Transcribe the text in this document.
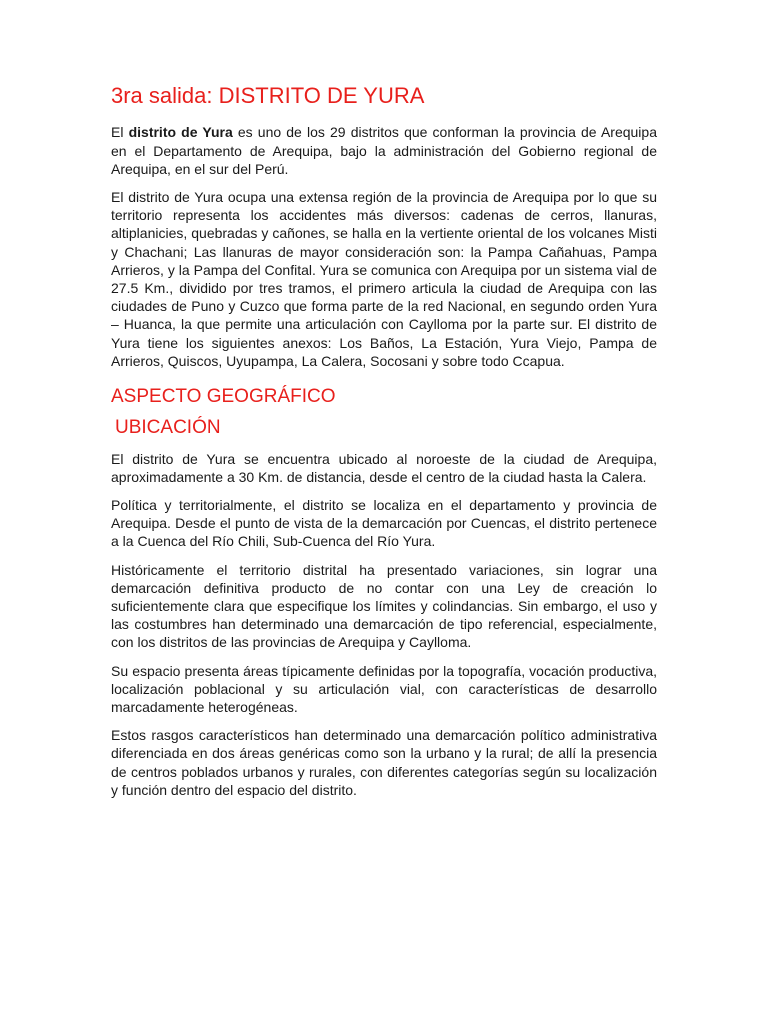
3ra salida: DISTRITO DE YURA

El distrito de Yura es uno de los 29 distritos que conforman la provincia de Arequipa en el Departamento de Arequipa, bajo la administración del Gobierno regional de Arequipa, en el sur del Perú.

El distrito de Yura ocupa una extensa región de la provincia de Arequipa por lo que su territorio representa los accidentes más diversos: cadenas de cerros, llanuras, altiplanicies, quebradas y cañones, se halla en la vertiente oriental de los volcanes Misti y Chachani; Las llanuras de mayor consideración son: la Pampa Cañahuas, Pampa Arrieros, y la Pampa del Confital. Yura se comunica con Arequipa por un sistema vial de 27.5 Km., dividido por tres tramos, el primero articula la ciudad de Arequipa con las ciudades de Puno y Cuzco que forma parte de la red Nacional, en segundo orden Yura – Huanca, la que permite una articulación con Caylloma por la parte sur. El distrito de Yura tiene los siguientes anexos: Los Baños, La Estación, Yura Viejo, Pampa de Arrieros, Quiscos, Uyupampa, La Calera, Socosani y sobre todo Ccapua.

ASPECTO GEOGRÁFICO
UBICACIÓN

El distrito de Yura se encuentra ubicado al noroeste de la ciudad de Arequipa, aproximadamente a 30 Km. de distancia, desde el centro de la ciudad hasta la Calera.

Política y territorialmente, el distrito se localiza en el departamento y provincia de Arequipa. Desde el punto de vista de la demarcación por Cuencas, el distrito pertenece a la Cuenca del Río Chili, Sub-Cuenca del Río Yura.

Históricamente el territorio distrital ha presentado variaciones, sin lograr una demarcación definitiva producto de no contar con una Ley de creación lo suficientemente clara que especifique los límites y colindancias. Sin embargo, el uso y las costumbres han determinado una demarcación de tipo referencial, especialmente, con los distritos de las provincias de Arequipa y Caylloma.

Su espacio presenta áreas típicamente definidas por la topografía, vocación productiva, localización poblacional y su articulación vial, con características de desarrollo marcadamente heterogéneas.

Estos rasgos característicos han determinado una demarcación político administrativa diferenciada en dos áreas genéricas como son la urbano y la rural; de allí la presencia de centros poblados urbanos y rurales, con diferentes categorías según su localización y función dentro del espacio del distrito.
